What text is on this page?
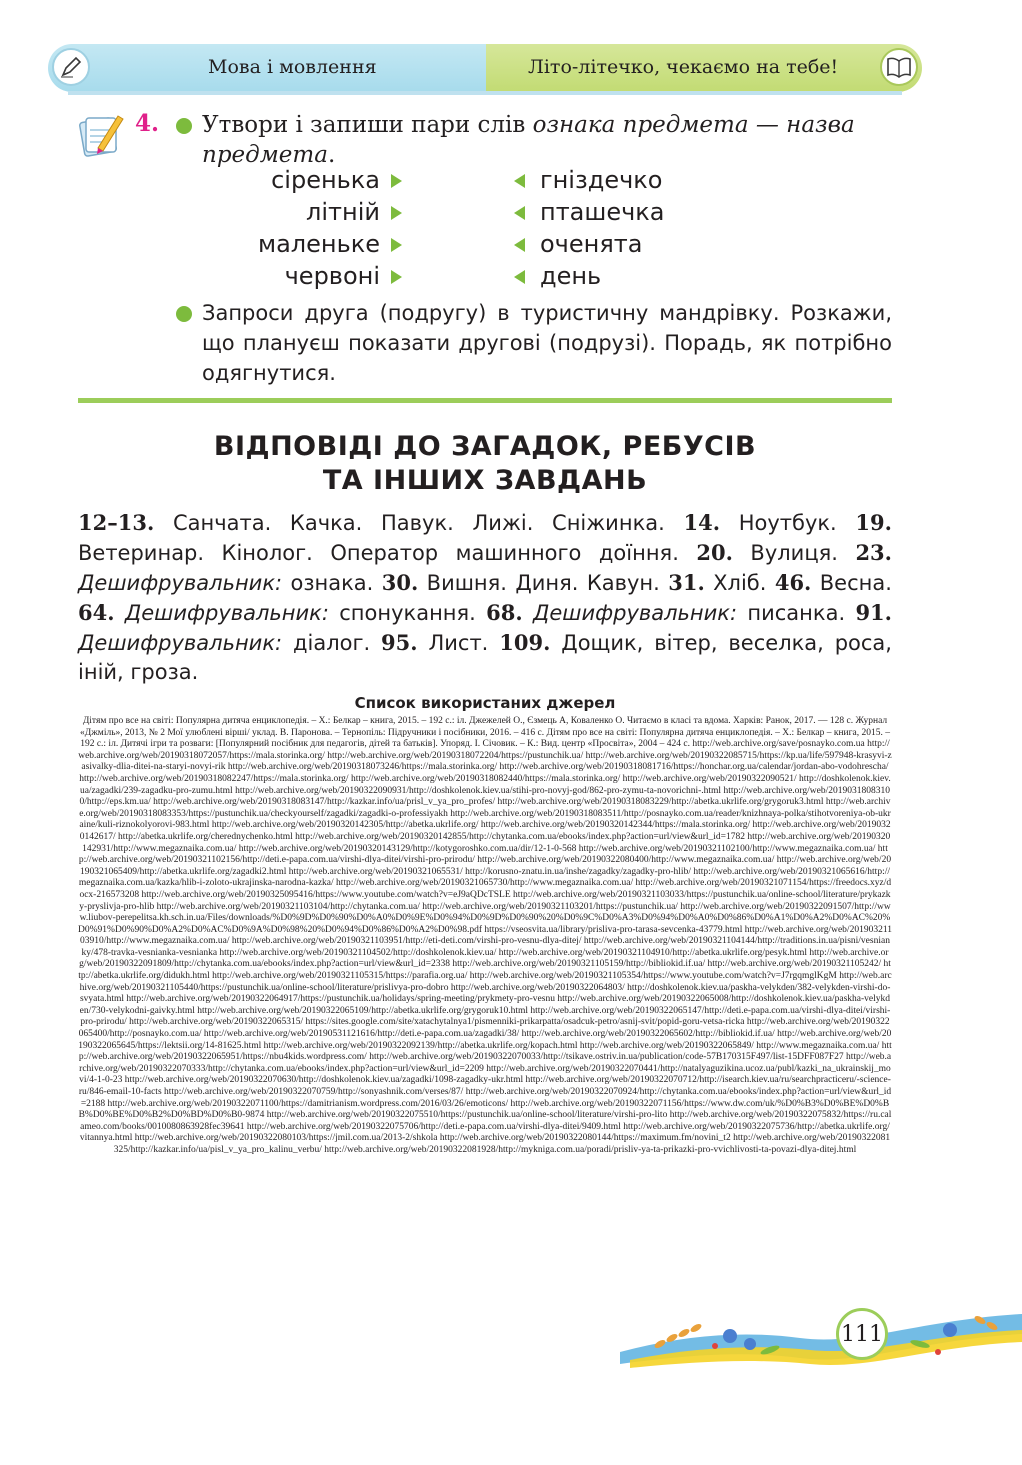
Мова і мовлення	Літо-літечко, чекаємо на тебе!
4. Утвори і запиши пари слів ознака предмета — назва предмета.
сіренька	гніздечко
літній	пташечка
маленьке	оченята
червоні	день
Запроси друга (подругу) в туристичну мандрівку. Розкажи, що плануєш показати другові (подрузі). Порадь, як потрібно одягнутися.
ВІДПОВІДІ ДО ЗАГАДОК, РЕБУСІВ
ТА ІНШИХ ЗАВДАНЬ
12–13. Санчата. Качка. Павук. Лижі. Сніжинка. 14. Ноутбук. 19. Ветеринар. Кінолог. Оператор машинного доїння. 20. Вулиця. 23. Дешифрувальник: ознака. 30. Вишня. Диня. Кавун. 31. Хліб. 46. Весна. 64. Дешифрувальник: спонукання. 68. Дешифрувальник: писанка. 91. Дешифрувальник: діалог. 95. Лист. 109. Дощик, вітер, веселка, роса, іній, гроза.
Список використаних джерел
Дітям про все на світі: Популярна дитяча енциклопедія. – Х.: Белкар – книга, 2015. – 192 с.: іл. Джежелей О., Єзмець А, Коваленко О. Читаємо в класі та вдома. Харків: Ранок, 2017. — 128 с. Журнал «Джміль», 2013, № 2 Мої улюблені вірші/ уклад. В. Паронова. – Тернопіль: Підручники і посібники, 2016. – 416 с. Дітям про все на світі: Популярна дитяча енциклопедія. – Х.: Белкар – книга, 2015. – 192 с.: іл. Дитячі ігри та розваги: [Популярний посібник для педагогів, дітей та батьків]. Упоряд. І. Січовик. – К.: Вид. центр «Просвіта», 2004 – 424 с. http://web.archive.org/save/posnayko.com.ua http://web.archive.org/web/20190318072057/https://mala.storinka.org/ http://web.archive.org/web/20190318072204/https://pustunchik.ua/ http://web.archive.org/web/20190322085715/https://kp.ua/life/597948-krasyvi-zasivalky-dlia-ditei-na-staryi-novyi-rik http://web.archive.org/web/20190318073246/https://mala.storinka.org/ http://web.archive.org/web/20190318081716/https://honchar.org.ua/calendar/jordan-abo-vodohrescha/ http://web.archive.org/web/20190318082247/https://mala.storinka.org/ http://web.archive.org/web/20190318082440/https://mala.storinka.org/ http://web.archive.org/web/20190322090521/ http://doshkolenok.kiev.ua/zagadki/239-zagadku-pro-zumu.html http://web.archive.org/web/20190322090931/http://doshkolenok.kiev.ua/stihi-pro-novyj-god/862-pro-zymu-ta-novorichni-.html http://web.archive.org/web/20190318083100/http://eps.km.ua/ http://web.archive.org/web/20190318083147/http://kazkar.info/ua/prisl_v_ya_pro_profes/ http://web.archive.org/web/20190318083229/http://abetka.ukrlife.org/grygoruk3.html http://web.archive.org/web/20190318083353/https://pustunchik.ua/checkyourself/zagadki/zagadki-o-professiyakh http://web.archive.org/web/20190318083511/http://posnayko.com.ua/reader/knizhnaya-polka/stihotvoreniya-ob-ukraine/kuli-riznokolyorovi-983.html http://web.archive.org/web/20190320142305/http://abetka.ukrlife.org/ http://web.archive.org/web/20190320142344/https://mala.storinka.org/ http://web.archive.org/web/20190320142617/ http://abetka.ukrlife.org/cherednychenko.html http://web.archive.org/web/20190320142855/http://chytanka.com.ua/ebooks/index.php?action=url/view&url_id=1782 http://web.archive.org/web/20190320142931/http://www.megaznaika.com.ua/ http://web.archive.org/web/20190320143129/http://kotygoroshko.com.ua/dir/12-1-0-568 http://web.archive.org/web/20190321102100/http://www.megaznaika.com.ua/ http://web.archive.org/web/20190321102156/http://deti.e-papa.com.ua/virshi-dlya-ditei/virshi-pro-prirodu/ http://web.archive.org/web/20190322080400/http://www.megaznaika.com.ua/ http://web.archive.org/web/20190321065409/http://abetka.ukrlife.org/zagadki2.html http://web.archive.org/web/20190321065531/ http://korusno-znatu.in.ua/inshe/zagadky/zagadky-pro-hlib/ http://web.archive.org/web/20190321065616/http://megaznaika.com.ua/kazka/hlib-i-zoloto-ukrajinska-narodna-kazka/ http://web.archive.org/web/20190321065730/http://www.megaznaika.com.ua/ http://web.archive.org/web/20190321071154/https://freedocs.xyz/docx-216573208 http://web.archive.org/web/20190325095416/https://www.youtube.com/watch?v=eJ9aQDcTSLE http://web.archive.org/web/20190321103033/https://pustunchik.ua/online-school/literature/prykazky-pryslivja-pro-hlib http://web.archive.org/web/20190321103104/http://chytanka.com.ua/ http://web.archive.org/web/20190321103201/https://pustunchik.ua/ http://web.archive.org/web/20190322091507/http://www.liubov-perepelitsa.kh.sch.in.ua/Files/downloads/%D0%9D%D0%90%D0%A0%D0%9E%D0%94%D0%9D%D0%90%20%D0%9C%D0%A3%D0%94%D0%A0%D0%86%D0%A1%D0%A2%D0%AC%20%D0%91%D0%90%D0%A2%D0%AC%D0%9A%D0%98%20%D0%94%D0%86%D0%A2%D0%98.pdf https://vseosvita.ua/library/prisliva-pro-tarasa-sevcenka-43779.html http://web.archive.org/web/20190321103910/http://www.megaznaika.com.ua/ http://web.archive.org/web/20190321103951/http://eti-deti.com/virshi-pro-vesnu-dlya-ditej/ http://web.archive.org/web/20190321104144/http://traditions.in.ua/pisni/vesnianky/478-travka-vesnianka-vesnianka http://web.archive.org/web/20190321104502/http://doshkolenok.kiev.ua/ http://web.archive.org/web/20190321104910/http://abetka.ukrlife.org/pesyk.html http://web.archive.org/web/20190322091809/http://chytanka.com.ua/ebooks/index.php?action=url/view&url_id=2338 http://web.archive.org/web/20190321105159/http://bibliokid.if.ua/ http://web.archive.org/web/20190321105242/ http://abetka.ukrlife.org/didukh.html http://web.archive.org/web/20190321105315/https://parafia.org.ua/ http://web.archive.org/web/20190321105354/https://www.youtube.com/watch?v=J7rgqmglKgM http://web.archive.org/web/20190321105440/https://pustunchik.ua/online-school/literature/prislivya-pro-dobro http://web.archive.org/web/20190322064803/ http://doshkolenok.kiev.ua/paskha-velykden/382-velykden-virshi-do-svyata.html http://web.archive.org/web/20190322064917/https://pustunchik.ua/holidays/spring-meeting/prykmety-pro-vesnu http://web.archive.org/web/20190322065008/http://doshkolenok.kiev.ua/paskha-velykden/730-velykodni-gaivky.html http://web.archive.org/web/20190322065109/http://abetka.ukrlife.org/grygoruk10.html http://web.archive.org/web/20190322065147/http://deti.e-papa.com.ua/virshi-dlya-ditei/virshi-pro-prirodu/ http://web.archive.org/web/20190322065315/ https://sites.google.com/site/xatachytalnya1/pismenniki-prikarpatta/osadcuk-petro/asnij-svit/popid-goru-vetsa-ricka http://web.archive.org/web/20190322065400/http://posnayko.com.ua/ http://web.archive.org/web/20190531121616/http://deti.e-papa.com.ua/zagadki/38/ http://web.archive.org/web/20190322065602/http://bibliokid.if.ua/ http://web.archive.org/web/20190322065645/https://lektsii.org/14-81625.html http://web.archive.org/web/20190322092139/http://abetka.ukrlife.org/kopach.html http://web.archive.org/web/20190322065849/ http://www.megaznaika.com.ua/ http://web.archive.org/web/20190322065951/https://nbu4kids.wordpress.com/ http://web.archive.org/web/20190322070033/http://tsikave.ostriv.in.ua/publication/code-57B170315F497/list-15DFF087F27 http://web.archive.org/web/20190322070333/http://chytanka.com.ua/ebooks/index.php?action=url/view&url_id=2209 http://web.archive.org/web/20190322070441/http://natalyaguzikina.ucoz.ua/publ/kazki_na_ukrainskij_movi/4-1-0-23 http://web.archive.org/web/20190322070630/http://doshkolenok.kiev.ua/zagadki/1098-zagadky-ukr.html http://web.archive.org/web/20190322070712/http://isearch.kiev.ua/ru/searchpracticeru/-science-ru/846-email-10-facts http://web.archive.org/web/20190322070759/http://sonyashnik.com/verses/87/ http://web.archive.org/web/20190322070924/http://chytanka.com.ua/ebooks/index.php?action=url/view&url_id=2188 http://web.archive.org/web/20190322071100/https://damitrianism.wordpress.com/2016/03/26/emoticons/ http://web.archive.org/web/20190322071156/https://www.dw.com/uk/%D0%B3%D0%BE%D0%BB%D0%BE%D0%B2%D0%BD%D0%B0-9874 http://web.archive.org/web/20190322075510/https://pustunchik.ua/online-school/literature/virshi-pro-lito http://web.archive.org/web/20190322075832/https://ru.calameo.com/books/0010080863928fec39641 http://web.archive.org/web/20190322075706/http://deti.e-papa.com.ua/virshi-dlya-ditei/9409.html http://web.archive.org/web/20190322075736/http://abetka.ukrlife.org/vitannya.html http://web.archive.org/web/20190322080103/https://jmil.com.ua/2013-2/shkola http://web.archive.org/web/20190322080144/https://maximum.fm/novini_t2 http://web.archive.org/web/20190322081325/http://kazkar.info/ua/pisl_v_ya_pro_kalinu_verbu/ http://web.archive.org/web/20190322081928/http://mykniga.com.ua/poradi/prisliv-ya-ta-prikazki-pro-vvichlivosti-ta-povazi-dlya-ditej.html
111
